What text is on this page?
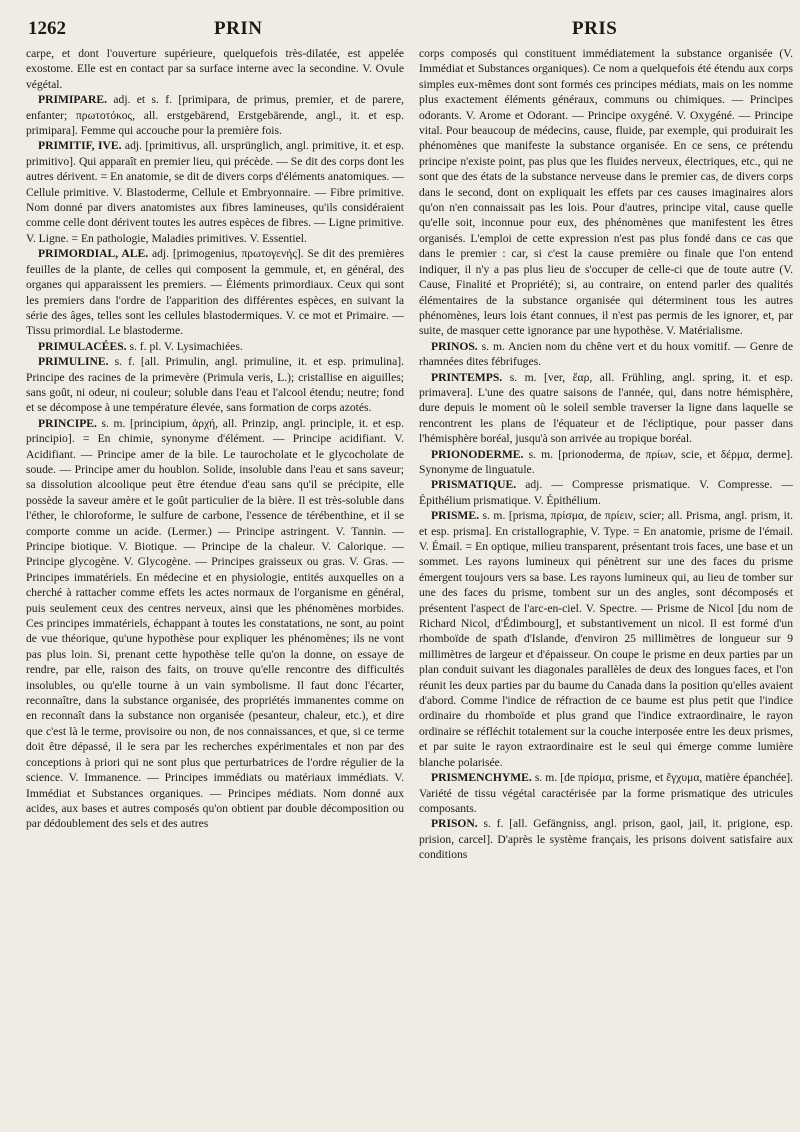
1262	PRIN	PRIS

carpe, et dont l'ouverture supérieure, quelquefois très-dilatée, est appelée exostome. Elle est en contact par sa surface interne avec la secondine. V. Ovule végétal.

PRIMIPARE. adj. et s. f. [primipara, de primus, premier, et de parere, enfanter; πρωτοτόκος, all. erstgebärend, Erstgebärende, angl., it. et esp. primipara]. Femme qui accouche pour la première fois.

PRIMITIF, IVE. adj. [primitivus, all. ursprünglich, angl. primitive, it. et esp. primitivo]. Qui apparaît en premier lieu, qui précède. — Se dit des corps dont les autres dérivent. = En anatomie, se dit de divers corps d'éléments anatomiques. — Cellule primitive. V. Blastoderme, Cellule et Embryonnaire. — Fibre primitive. Nom donné par divers anatomistes aux fibres lamineuses, qu'ils considéraient comme celle dont dérivent toutes les autres espèces de fibres. — Ligne primitive. V. Ligne. = En pathologie, Maladies primitives. V. Essentiel.

PRIMORDIAL, ALE. adj. [primogenius, πρωτογενής]. Se dit des premières feuilles de la plante, de celles qui composent la gemmule, et, en général, des organes qui apparaissent les premiers. — Éléments primordiaux. Ceux qui sont les premiers dans l'ordre de l'apparition des différentes espèces, en suivant la série des âges, telles sont les cellules blastodermiques. V. ce mot et Primaire. — Tissu primordial. Le blastoderme.

PRIMULACÉES. s. f. pl. V. Lysimachiées.

PRIMULINE. s. f. [all. Primulin, angl. primuline, it. et esp. primulina]. Principe des racines de la primevère (Primula veris, L.); cristallise en aiguilles; sans goût, ni odeur, ni couleur; soluble dans l'eau et l'alcool étendu; neutre; fond et se décompose à une température élevée, sans formation de corps azotés.

PRINCIPE. s. m. [principium, ἀρχή, all. Prinzip, angl. principle, it. et esp. principio]. = En chimie, synonyme d'élément. — Principe acidifiant. V. Acidifiant. — Principe amer de la bile. Le taurocholate et le glycocholate de soude. — Principe amer du houblon. Solide, insoluble dans l'eau et sans saveur; sa dissolution alcoolique peut être étendue d'eau sans qu'il se précipite, elle possède la saveur amère et le goût particulier de la bière. Il est très-soluble dans l'éther, le chloroforme, le sulfure de carbone, l'essence de térébenthine, et il se comporte comme un acide. (Lermer.) — Principe astringent. V. Tannin. — Principe biotique. V. Biotique. — Principe de la chaleur. V. Calorique. — Principe glycogène. V. Glycogène. — Principes graisseux ou gras. V. Gras. — Principes immatériels. En médecine et en physiologie, entités auxquelles on a cherché à rattacher comme effets les actes normaux de l'organisme en général, puis seulement ceux des centres nerveux, ainsi que les phénomènes morbides. Ces principes immatériels, échappant à toutes les constatations, ne sont, au point de vue théorique, qu'une hypothèse pour expliquer les phénomènes; ils ne vont pas plus loin. Si, prenant cette hypothèse telle qu'on la donne, on essaye de rendre, par elle, raison des faits, on trouve qu'elle rencontre des difficultés insolubles, ou qu'elle tourne à un vain symbolisme. Il faut donc l'écarter, reconnaître, dans la substance organisée, des propriétés immanentes comme on en reconnaît dans la substance non organisée (pesanteur, chaleur, etc.), et dire que c'est là le terme, provisoire ou non, de nos connaissances, et que, si ce terme doit être dépassé, il le sera par les recherches expérimentales et non par des conceptions à priori qui ne sont plus que perturbatrices de l'ordre régulier de la science. V. Immanence. — Principes immédiats ou matériaux immédiats. V. Immédiat et Substances organiques. — Principes médiats. Nom donné aux acides, aux bases et autres composés qu'on obtient par double décomposition ou par dédoublement des sels et des autres

corps composés qui constituent immédiatement la substance organisée (V. Immédiat et Substances organiques). Ce nom a quelquefois été étendu aux corps simples eux-mêmes dont sont formés ces principes médiats, mais on les nomme plus exactement éléments généraux, communs ou chimiques. — Principes odorants. V. Arome et Odorant. — Principe oxygéné. V. Oxygéné. — Principe vital. Pour beaucoup de médecins, cause, fluide, par exemple, qui produirait les phénomènes que manifeste la substance organisée. En ce sens, ce prétendu principe n'existe point, pas plus que les fluides nerveux, électriques, etc., qui ne sont que des états de la substance nerveuse dans le premier cas, de divers corps dans le second, dont on expliquait les effets par ces causes imaginaires alors qu'on n'en connaissait pas les lois. Pour d'autres, principe vital, cause quelle qu'elle soit, inconnue pour eux, des phénomènes que manifestent les êtres organisés. L'emploi de cette expression n'est pas plus fondé dans ce cas que dans le premier : car, si c'est la cause première ou finale que l'on entend indiquer, il n'y a pas plus lieu de s'occuper de celle-ci que de toute autre (V. Cause, Finalité et Propriété); si, au contraire, on entend parler des qualités élémentaires de la substance organisée qui déterminent tous les autres phénomènes, leurs lois étant connues, il n'est pas permis de les ignorer, et, par suite, de masquer cette ignorance par une hypothèse. V. Matérialisme.

PRINOS. s. m. Ancien nom du chêne vert et du houx vomitif. — Genre de rhamnées dites fébrifuges.

PRINTEMPS. s. m. [ver, ἔαρ, all. Frühling, angl. spring, it. et esp. primavera]. L'une des quatre saisons de l'année, qui, dans notre hémisphère, dure depuis le moment où le soleil semble traverser la ligne dans laquelle se rencontrent les plans de l'équateur et de l'écliptique, pour passer dans l'hémisphère boréal, jusqu'à son arrivée au tropique boréal.

PRIONODERME. s. m. [prionoderma, de πρίων, scie, et δέρμα, derme]. Synonyme de linguatule.

PRISMATIQUE. adj. — Compresse prismatique. V. Compresse. — Épithélium prismatique. V. Épithélium.

PRISME. s. m. [prisma, πρίσμα, de πρίειν, scier; all. Prisma, angl. prism, it. et esp. prisma]. En cristallographie, V. Type. = En anatomie, prisme de l'émail. V. Émail. = En optique, milieu transparent, présentant trois faces, une base et un sommet. Les rayons lumineux qui pénètrent sur une des faces du prisme émergent toujours vers sa base. Les rayons lumineux qui, au lieu de tomber sur une des faces du prisme, tombent sur un des angles, sont décomposés et présentent l'aspect de l'arc-en-ciel. V. Spectre. — Prisme de Nicol [du nom de Richard Nicol, d'Édimbourg], et substantivement un nicol. Il est formé d'un rhomboïde de spath d'Islande, d'environ 25 millimètres de longueur sur 9 millimètres de largeur et d'épaisseur. On coupe le prisme en deux parties par un plan conduit suivant les diagonales parallèles de deux des longues faces, et l'on réunit les deux parties par du baume du Canada dans la position qu'elles avaient d'abord. Comme l'indice de réfraction de ce baume est plus petit que l'indice ordinaire du rhomboïde et plus grand que l'indice extraordinaire, le rayon ordinaire se réfléchit totalement sur la couche interposée entre les deux prismes, et par suite le rayon extraordinaire est le seul qui émerge comme lumière blanche polarisée.

PRISMENCHYME. s. m. [de πρίσμα, prisme, et ἔγχυμα, matière épanchée]. Variété de tissu végétal caractérisée par la forme prismatique des utricules composants.

PRISON. s. f. [all. Gefängniss, angl. prison, gaol, jail, it. prigione, esp. prision, carcel]. D'après le système français, les prisons doivent satisfaire aux conditions
